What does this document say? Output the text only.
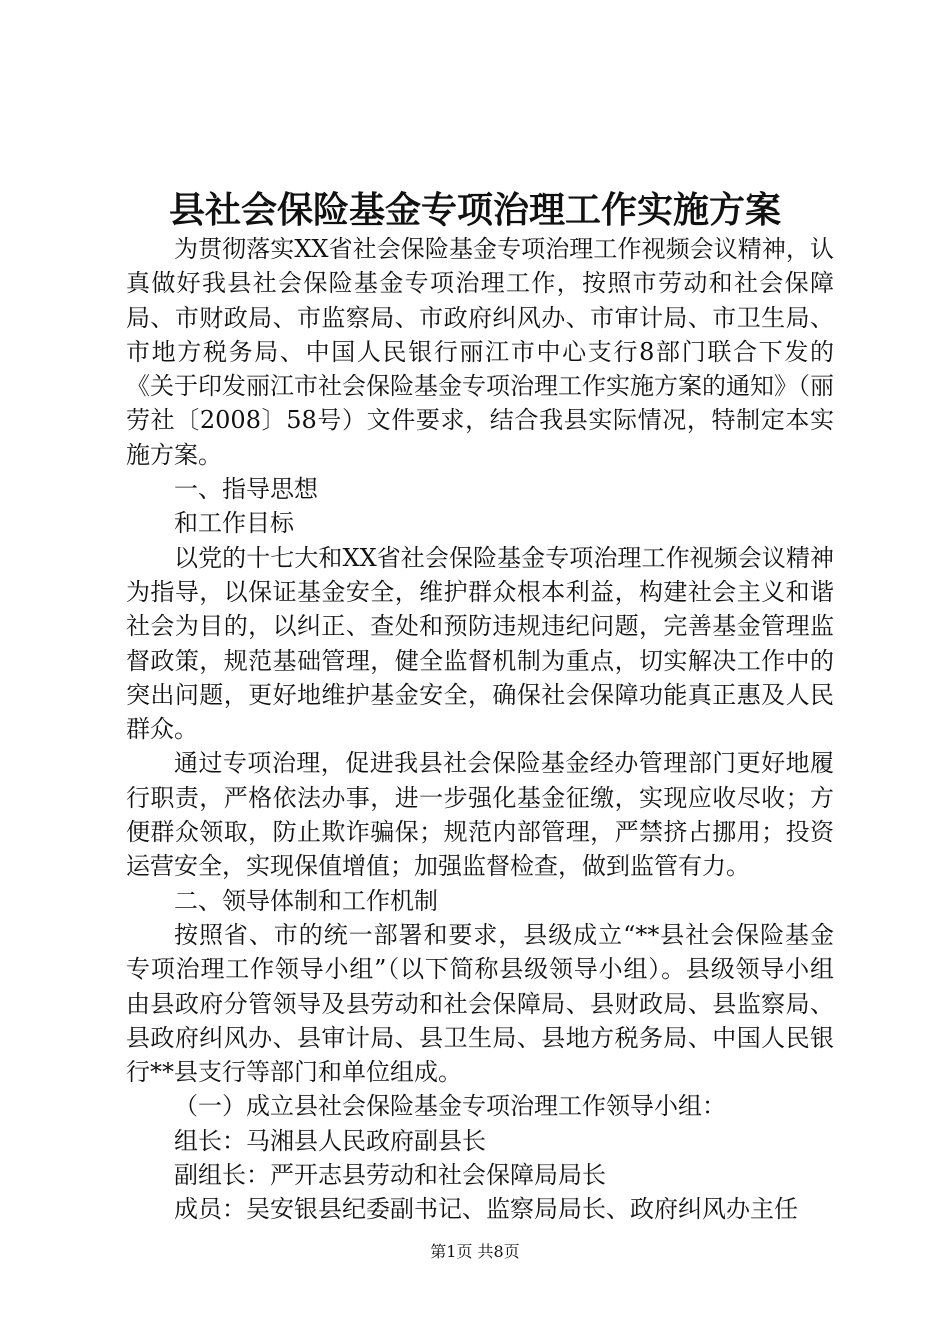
县社会保险基金专项治理工作实施方案

为贯彻落实XX省社会保险基金专项治理工作视频会议精神，认真做好我县社会保险基金专项治理工作，按照市劳动和社会保障局、市财政局、市监察局、市政府纠风办、市审计局、市卫生局、市地方税务局、中国人民银行丽江市中心支行8部门联合下发的《关于印发丽江市社会保险基金专项治理工作实施方案的通知》（丽劳社〔2008〕58号）文件要求，结合我县实际情况，特制定本实施方案。

一、指导思想

和工作目标

以党的十七大和XX省社会保险基金专项治理工作视频会议精神为指导，以保证基金安全，维护群众根本利益，构建社会主义和谐社会为目的，以纠正、查处和预防违规违纪问题，完善基金管理监督政策，规范基础管理，健全监督机制为重点，切实解决工作中的突出问题，更好地维护基金安全，确保社会保障功能真正惠及人民群众。

通过专项治理，促进我县社会保险基金经办管理部门更好地履行职责，严格依法办事，进一步强化基金征缴，实现应收尽收；方便群众领取，防止欺诈骗保；规范内部管理，严禁挤占挪用；投资运营安全，实现保值增值；加强监督检查，做到监管有力。

二、领导体制和工作机制

按照省、市的统一部署和要求，县级成立“**县社会保险基金专项治理工作领导小组”（以下简称县级领导小组）。县级领导小组由县政府分管领导及县劳动和社会保障局、县财政局、县监察局、县政府纠风办、县审计局、县卫生局、县地方税务局、中国人民银行**县支行等部门和单位组成。

（一）成立县社会保险基金专项治理工作领导小组：

组长：马湘县人民政府副县长

副组长：严开志县劳动和社会保障局局长

成员：吴安银县纪委副书记、监察局局长、政府纠风办主任

第1页 共8页
